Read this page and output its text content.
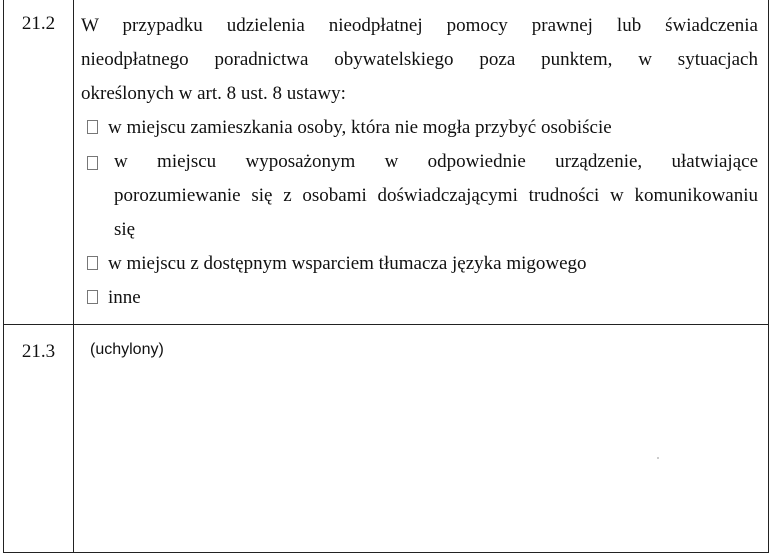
21.2	W przypadku udzielenia nieodpłatnej pomocy prawnej lub świadczenia
nieodpłatnego poradnictwa obywatelskiego poza punktem, w sytuacjach
określonych w art. 8 ust. 8 ustawy:

w miejscu zamieszkania osoby, która nie mogła przybyć osobiście
w miejscu wyposażonym w odpowiednie urządzenie, ułatwiające
porozumiewanie się z osobami doświadczającymi trudności w komunikowaniu
się
w miejscu z dostępnym wsparciem tłumacza języka migowego
inne
21.3	(uchylony)
